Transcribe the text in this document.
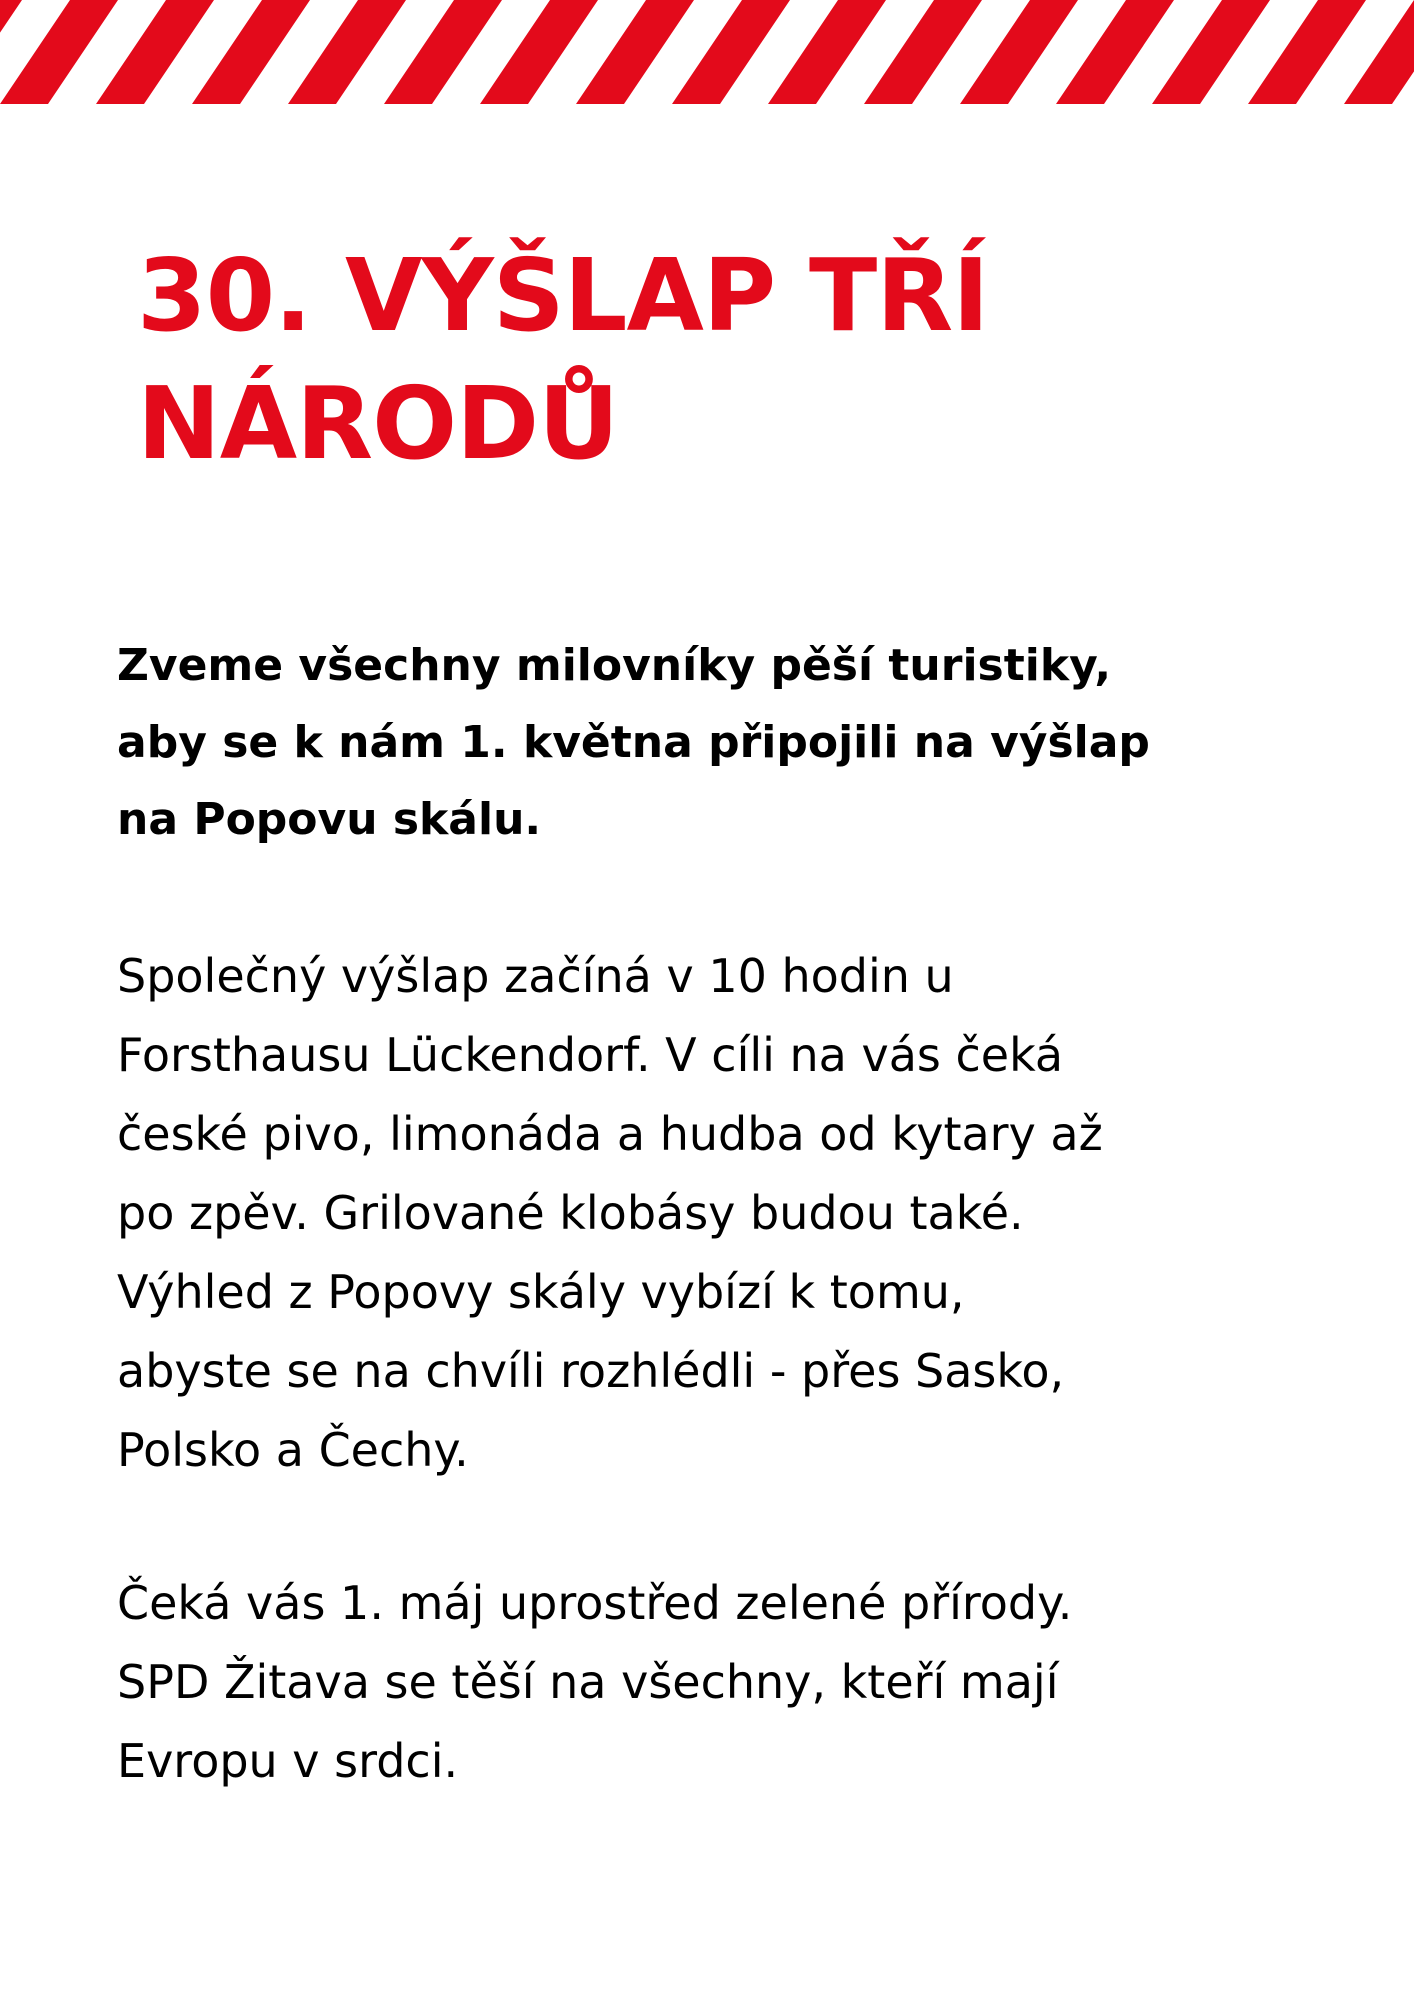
30. VÝŠLAP TŘÍ
NÁRODŮ

Zveme všechny milovníky pěší turistiky,
aby se k nám 1. května připojili na výšlap
na Popovu skálu.

Společný výšlap začíná v 10 hodin u
Forsthausu Lückendorf. V cíli na vás čeká
české pivo, limonáda a hudba od kytary až
po zpěv. Grilované klobásy budou také.
Výhled z Popovy skály vybízí k tomu,
abyste se na chvíli rozhlédli - přes Sasko,
Polsko a Čechy.

Čeká vás 1. máj uprostřed zelené přírody.
SPD Žitava se těší na všechny, kteří mají
Evropu v srdci.
